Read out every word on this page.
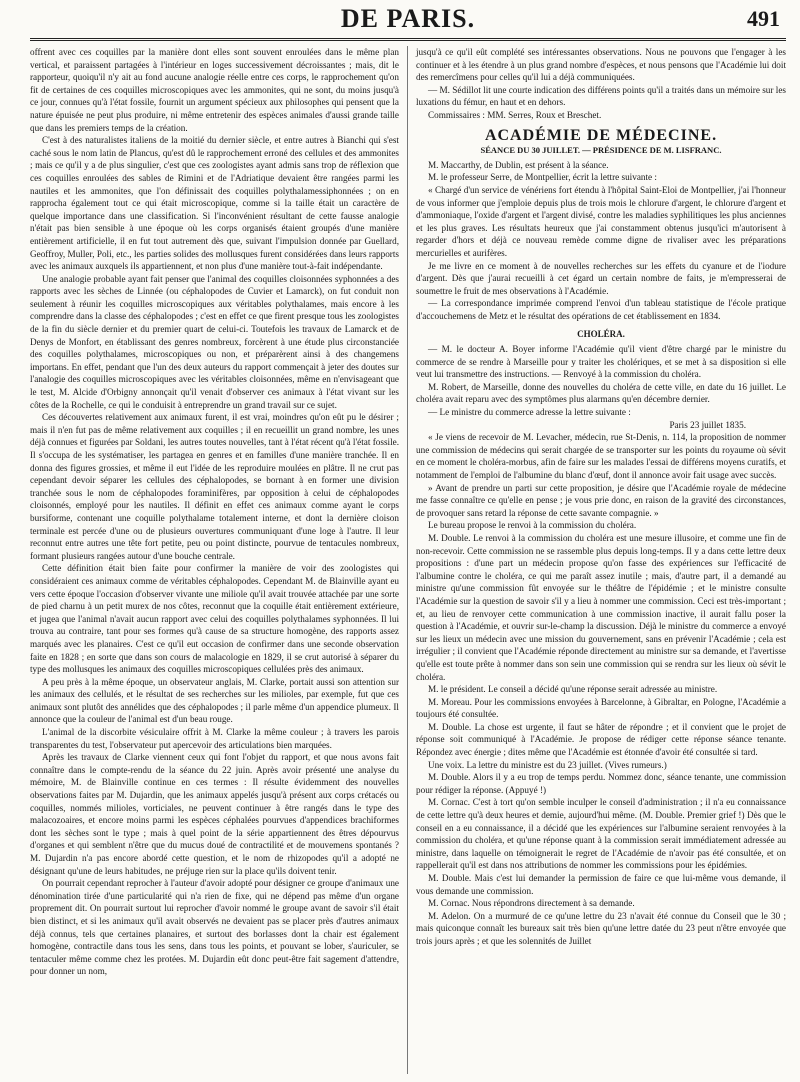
DE PARIS.	491

offrent avec ces coquilles par la manière dont elles sont souvent enroulées dans le même plan vertical, et paraissent partagées à l'intérieur en loges successivement décroissantes ; mais, dit le rapporteur, quoiqu'il n'y ait au fond aucune analogie réelle entre ces corps, le rapprochement qu'on fit de certaines de ces coquilles microscopiques avec les ammonites, qui ne sont, du moins jusqu'à ce jour, connues qu'à l'état fossile, fournit un argument spécieux aux philosophes qui pensent que la nature épuisée ne peut plus produire, ni même entretenir des espèces animales d'aussi grande taille que dans les premiers temps de la création.

C'est à des naturalistes italiens de la moitié du dernier siècle, et entre autres à Bianchi qui s'est caché sous le nom latin de Plancus, qu'est dû le rapprochement erroné des cellules et des ammonites ; mais ce qu'il y a de plus singulier, c'est que ces zoologistes ayant admis sans trop de réflexion que ces coquilles enroulées des sables de Rimini et de l'Adriatique devaient être rangées parmi les nautiles et les ammonites, que l'on définissait des coquilles polythalamessiphonnées ; on en rapprocha également tout ce qui était microscopique, comme si la taille était un caractère de quelque importance dans une classification. Si l'inconvénient résultant de cette fausse analogie n'était pas bien sensible à une époque où les corps organisés étaient groupés d'une manière entièrement artificielle, il en fut tout autrement dès que, suivant l'impulsion donnée par Guellard, Geoffroy, Muller, Poli, etc., les parties solides des mollusques furent considérées dans leurs rapports avec les animaux auxquels ils appartiennent, et non plus d'une manière tout-à-fait indépendante.

Une analogie probable ayant fait penser que l'animal des coquilles cloisonnées syphonnées a des rapports avec les sèches de Linnée (ou céphalopodes de Cuvier et Lamarck), on fut conduit non seulement à réunir les coquilles microscopiques aux véritables polythalames, mais encore à les comprendre dans la classe des céphalopodes ; c'est en effet ce que firent presque tous les zoologistes de la fin du siècle dernier et du premier quart de celui-ci. Toutefois les travaux de Lamarck et de Denys de Monfort, en établissant des genres nombreux, forcèrent à une étude plus circonstanciée des coquilles polythalames, microscopiques ou non, et préparèrent ainsi à des changemens importans. En effet, pendant que l'un des deux auteurs du rapport commençait à jeter des doutes sur l'analogie des coquilles microscopiques avec les véritables cloisonnées, même en n'envisageant que le test, M. Alcide d'Orbigny annonçait qu'il venait d'observer ces animaux à l'état vivant sur les côtes de la Rochelle, ce qui le conduisit à entreprendre un grand travail sur ce sujet.

Ces découvertes relativement aux animaux furent, il est vrai, moindres qu'on eût pu le désirer ; mais il n'en fut pas de même relativement aux coquilles ; il en recueillit un grand nombre, les unes déjà connues et figurées par Soldani, les autres toutes nouvelles, tant à l'état récent qu'à l'état fossile. Il s'occupa de les systématiser, les partagea en genres et en familles d'une manière tranchée. Il en donna des figures grossies, et même il eut l'idée de les reproduire moulées en plâtre. Il ne crut pas cependant devoir séparer les cellules des céphalopodes, se bornant à en former une division tranchée sous le nom de céphalopodes foraminifères, par opposition à celui de céphalopodes cloisonnés, employé pour les nautiles. Il définit en effet ces animaux comme ayant le corps bursiforme, contenant une coquille polythalame totalement interne, et dont la dernière cloison terminale est percée d'une ou de plusieurs ouvertures communiquant d'une loge à l'autre. Il leur reconnut entre autres une tête fort petite, peu ou point distincte, pourvue de tentacules nombreux, formant plusieurs rangées autour d'une bouche centrale.

Cette définition était bien faite pour confirmer la manière de voir des zoologistes qui considéraient ces animaux comme de véritables céphalopodes. Cependant M. de Blainville ayant eu vers cette époque l'occasion d'observer vivante une miliole qu'il avait trouvée attachée par une sorte de pied charnu à un petit murex de nos côtes, reconnut que la coquille était entièrement extérieure, et jugea que l'animal n'avait aucun rapport avec celui des coquilles polythalames syphonnées. Il lui trouva au contraire, tant pour ses formes qu'à cause de sa structure homogène, des rapports assez marqués avec les planaires. C'est ce qu'il eut occasion de confirmer dans une seconde observation faite en 1828 ; en sorte que dans son cours de malacologie en 1829, il se crut autorisé à séparer du type des mollusques les animaux des coquilles microscopiques cellulées près des animaux.

A peu près à la même époque, un observateur anglais, M. Clarke, portait aussi son attention sur les animaux des cellulés, et le résultat de ses recherches sur les milioles, par exemple, fut que ces animaux sont plutôt des annélides que des céphalopodes ; il parle même d'un appendice plumeux. Il annonce que la couleur de l'animal est d'un beau rouge.

L'animal de la discorbite vésiculaire offrit à M. Clarke la même couleur ; à travers les parois transparentes du test, l'observateur put apercevoir des articulations bien marquées.

Après les travaux de Clarke viennent ceux qui font l'objet du rapport, et que nous avons fait connaître dans le compte-rendu de la séance du 22 juin. Après avoir présenté une analyse du mémoire, M. de Blainville continue en ces termes : Il résulte évidemment des nouvelles observations faites par M. Dujardin, que les animaux appelés jusqu'à présent aux corps crétacés ou coquilles, nommés milioles, vorticiales, ne peuvent continuer à être rangés dans le type des malacozoaires, et encore moins parmi les espèces céphalées pourvues d'appendices brachiformes dont les sèches sont le type ; mais à quel point de la série appartiennent des êtres dépourvus d'organes et qui semblent n'être que du mucus doué de contractilité et de mouvemens spontanés ? M. Dujardin n'a pas encore abordé cette question, et le nom de rhizopodes qu'il a adopté ne désignant qu'une de leurs habitudes, ne préjuge rien sur la place qu'ils doivent tenir.

On pourrait cependant reprocher à l'auteur d'avoir adopté pour désigner ce groupe d'animaux une dénomination tirée d'une particularité qui n'a rien de fixe, qui ne dépend pas même d'un organe proprement dit. On pourrait surtout lui reprocher d'avoir nommé le groupe avant de savoir s'il était bien distinct, et si les animaux qu'il avait observés ne devaient pas se placer près d'autres animaux déjà connus, tels que certaines planaires, et surtout des borlasses dont la chair est également homogène, contractile dans tous les sens, dans tous les points, et pouvant se lober, s'auriculer, se tentaculer même comme chez les protées. M. Dujardin eût donc peut-être fait sagement d'attendre, pour donner un nom,

jusqu'à ce qu'il eût complété ses intéressantes observations. Nous ne pouvons que l'engager à les continuer et à les étendre à un plus grand nombre d'espèces, et nous pensons que l'Académie lui doit des remercîmens pour celles qu'il lui a déjà communiquées.

— M. Sédillot lit une courte indication des différens points qu'il a traités dans un mémoire sur les luxations du fémur, en haut et en dehors.

Commissaires : MM. Serres, Roux et Breschet.

ACADÉMIE DE MÉDECINE.
SÉANCE DU 30 JUILLET. — PRÉSIDENCE DE M. LISFRANC.

M. Maccarthy, de Dublin, est présent à la séance.

M. le professeur Serre, de Montpellier, écrit la lettre suivante :

« Chargé d'un service de vénériens fort étendu à l'hôpital Saint-Eloi de Montpellier, j'ai l'honneur de vous informer que j'emploie depuis plus de trois mois le chlorure d'argent, le chlorure d'argent et d'ammoniaque, l'oxide d'argent et l'argent divisé, contre les maladies syphilitiques les plus anciennes et les plus graves. Les résultats heureux que j'ai constamment obtenus jusqu'ici m'autorisent à regarder d'hors et déjà ce nouveau remède comme digne de rivaliser avec les préparations mercurielles et aurifères.

Je me livre en ce moment à de nouvelles recherches sur les effets du cyanure et de l'iodure d'argent. Dès que j'aurai recueilli à cet égard un certain nombre de faits, je m'empresserai de soumettre le fruit de mes observations à l'Académie.

— La correspondance imprimée comprend l'envoi d'un tableau statistique de l'école pratique d'accouchemens de Metz et le résultat des opérations de cet établissement en 1834.

CHOLÉRA.

— M. le docteur A. Boyer informe l'Académie qu'il vient d'être chargé par le ministre du commerce de se rendre à Marseille pour y traiter les cholériques, et se met à sa disposition si elle veut lui transmettre des instructions. — Renvoyé à la commission du choléra.

M. Robert, de Marseille, donne des nouvelles du choléra de cette ville, en date du 16 juillet. Le choléra avait reparu avec des symptômes plus alarmans qu'en décembre dernier.

— Le ministre du commerce adresse la lettre suivante :

Paris 23 juillet 1835.

« Je viens de recevoir de M. Levacher, médecin, rue St-Denis, n. 114, la proposition de nommer une commission de médecins qui serait chargée de se transporter sur les points du royaume où sévit en ce moment le choléra-morbus, afin de faire sur les malades l'essai de différens moyens curatifs, et notamment de l'emploi de l'albumine du blanc d'œuf, dont il annonce avoir fait usage avec succès.

» Avant de prendre un parti sur cette proposition, je désire que l'Académie royale de médecine me fasse connaître ce qu'elle en pense ; je vous prie donc, en raison de la gravité des circonstances, de provoquer sans retard la réponse de cette savante compagnie. »

Le bureau propose le renvoi à la commission du choléra.

M. Double. Le renvoi à la commission du choléra est une mesure illusoire, et comme une fin de non-recevoir. Cette commission ne se rassemble plus depuis long-temps. Il y a dans cette lettre deux propositions : d'une part un médecin propose qu'on fasse des expériences sur l'efficacité de l'albumine contre le choléra, ce qui me paraît assez inutile ; mais, d'autre part, il a demandé au ministre qu'une commission fût envoyée sur le théâtre de l'épidémie ; et le ministre consulte l'Académie sur la question de savoir s'il y a lieu à nommer une commission. Ceci est très-important ; et, au lieu de renvoyer cette communication à une commission inactive, il aurait fallu poser la question à l'Académie, et ouvrir sur-le-champ la discussion. Déjà le ministre du commerce a envoyé sur les lieux un médecin avec une mission du gouvernement, sans en prévenir l'Académie ; cela est irrégulier ; il convient que l'Académie réponde directement au ministre sur sa demande, et l'avertisse qu'elle est toute prête à nommer dans son sein une commission qui se rendra sur les lieux où sévit le choléra.

M. le président. Le conseil a décidé qu'une réponse serait adressée au ministre.

M. Moreau. Pour les commissions envoyées à Barcelonne, à Gibraltar, en Pologne, l'Académie a toujours été consultée.

M. Double. La chose est urgente, il faut se hâter de répondre ; et il convient que le projet de réponse soit communiqué à l'Académie. Je propose de rédiger cette réponse séance tenante. Répondez avec énergie ; dites même que l'Académie est étonnée d'avoir été consultée si tard.

Une voix. La lettre du ministre est du 23 juillet. (Vives rumeurs.)

M. Double. Alors il y a eu trop de temps perdu. Nommez donc, séance tenante, une commission pour rédiger la réponse. (Appuyé !)

M. Cornac. C'est à tort qu'on semble inculper le conseil d'administration ; il n'a eu connaissance de cette lettre qu'à deux heures et demie, aujourd'hui même. (M. Double. Premier grief !) Dès que le conseil en a eu connaissance, il a décidé que les expériences sur l'albumine seraient renvoyées à la commission du choléra, et qu'une réponse quant à la commission serait immédiatement adressée au ministre, dans laquelle on témoignerait le regret de l'Académie de n'avoir pas été consultée, et on rappellerait qu'il est dans nos attributions de nommer les commissions pour les épidémies.

M. Double. Mais c'est lui demander la permission de faire ce que lui-même vous demande, il vous demande une commission.

M. Cornac. Nous répondrons directement à sa demande.

M. Adelon. On a murmuré de ce qu'une lettre du 23 n'avait été connue du Conseil que le 30 ; mais quiconque connaît les bureaux sait très bien qu'une lettre datée du 23 peut n'être envoyée que trois jours après ; et que les solennités de Juillet
